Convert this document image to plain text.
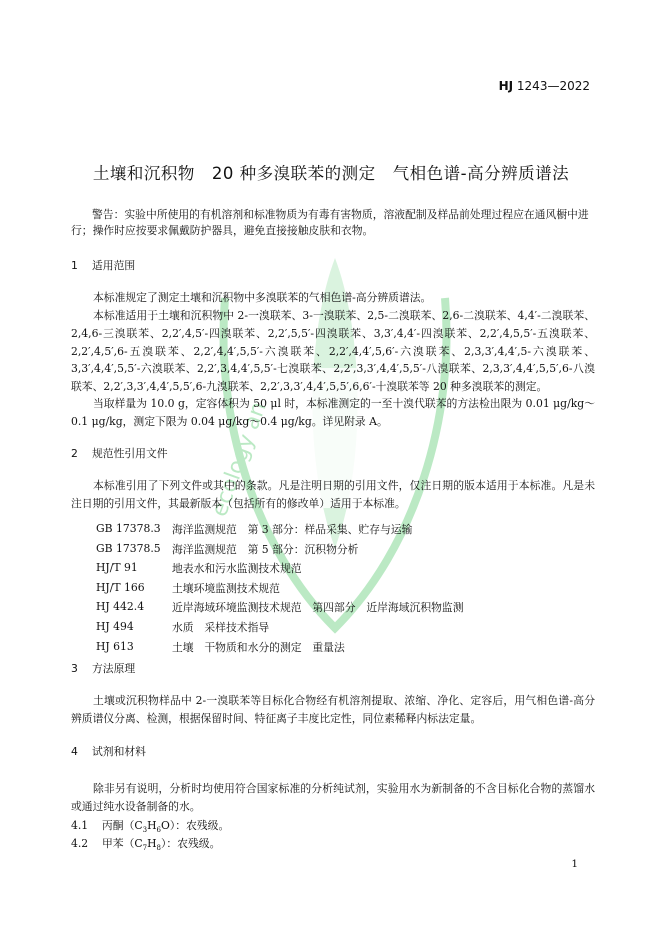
ecology an
HJ 1243—2022
土壤和沉积物　20 种多溴联苯的测定　气相色谱-高分辨质谱法
警告：实验中所使用的有机溶剂和标准物质为有毒有害物质，溶液配制及样品前处理过程应在通风橱中进行；操作时应按要求佩戴防护器具，避免直接接触皮肤和衣物。
1 适用范围
本标准规定了测定土壤和沉积物中多溴联苯的气相色谱-高分辨质谱法。
本标准适用于土壤和沉积物中 2-一溴联苯、3-一溴联苯、2,5-二溴联苯、2,6-二溴联苯、4,4′-二溴联苯、2,4,6-三溴联苯、2,2′,4,5′-四溴联苯、2,2′,5,5′-四溴联苯、3,3′,4,4′-四溴联苯、2,2′,4,5,5′-五溴联苯、2,2′,4,5′,6-五溴联苯、2,2′,4,4′,5,5′-六溴联苯、2,2′,4,4′,5,6′-六溴联苯、2,3,3′,4,4′,5-六溴联苯、3,3′,4,4′,5,5′-六溴联苯、2,2′,3,4,4′,5,5′-七溴联苯、2,2′,3,3′,4,4′,5,5′-八溴联苯、2,3,3′,4,4′,5,5′,6-八溴联苯、2,2′,3,3′,4,4′,5,5′,6-九溴联苯、2,2′,3,3′,4,4′,5,5′,6,6′-十溴联苯等 20 种多溴联苯的测定。
当取样量为 10.0 g，定容体积为 50 μl 时，本标准测定的一至十溴代联苯的方法检出限为 0.01 μg/kg～0.1 μg/kg，测定下限为 0.04 μg/kg～0.4 μg/kg。详见附录 A。
2 规范性引用文件
本标准引用了下列文件或其中的条款。凡是注明日期的引用文件，仅注日期的版本适用于本标准。凡是未注日期的引用文件，其最新版本（包括所有的修改单）适用于本标准。
GB 17378.3	海洋监测规范　第 3 部分：样品采集、贮存与运输
GB 17378.5	海洋监测规范　第 5 部分：沉积物分析
HJ/T 91	地表水和污水监测技术规范
HJ/T 166	土壤环境监测技术规范
HJ 442.4	近岸海域环境监测技术规范　第四部分　近岸海域沉积物监测
HJ 494	水质　采样技术指导
HJ 613	土壤　干物质和水分的测定　重量法
3 方法原理
土壤或沉积物样品中 2-一溴联苯等目标化合物经有机溶剂提取、浓缩、净化、定容后，用气相色谱-高分辨质谱仪分离、检测，根据保留时间、特征离子丰度比定性，同位素稀释内标法定量。
4 试剂和材料
除非另有说明，分析时均使用符合国家标准的分析纯试剂，实验用水为新制备的不含目标化合物的蒸馏水或通过纯水设备制备的水。
4.1 丙酮$(C_3H_6O)$：农残级。
4.2 甲苯$(C_7H_8)$：农残级。
1
